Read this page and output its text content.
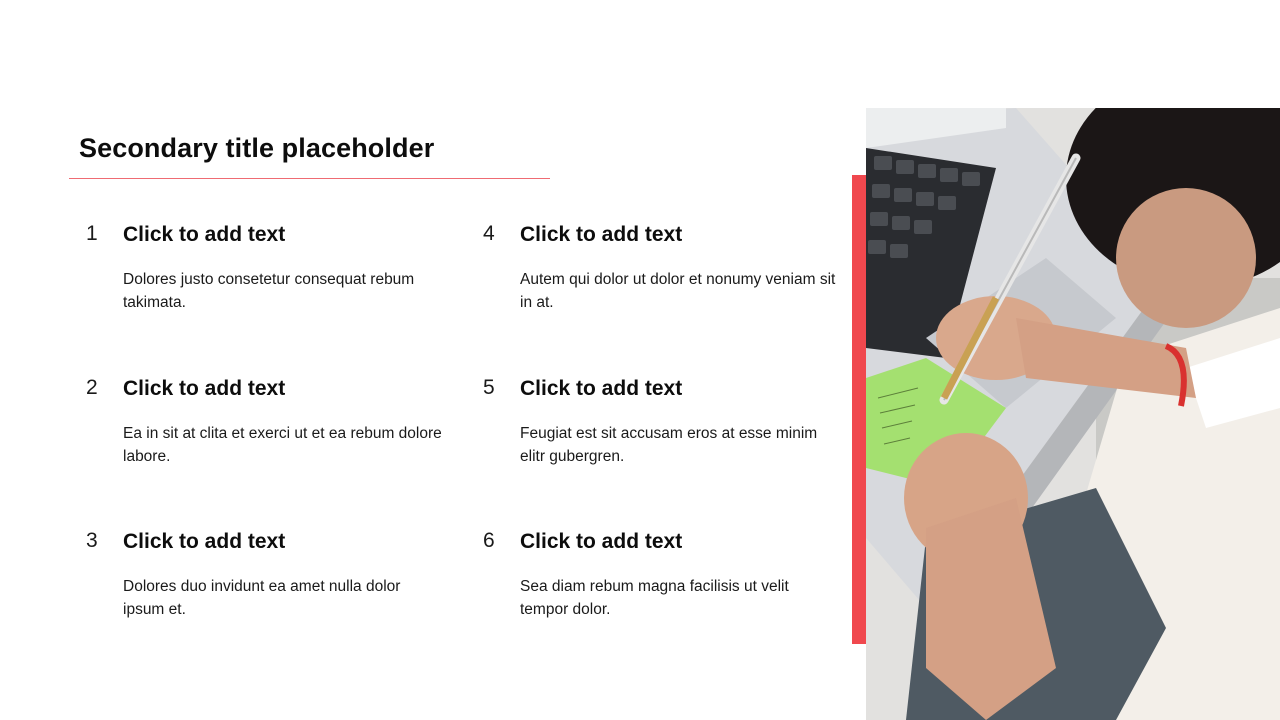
Secondary title placeholder
1 Click to add text
Dolores justo consetetur consequat rebum takimata.
2 Click to add text
Ea in sit at clita et exerci ut et ea rebum dolore labore.
3 Click to add text
Dolores duo invidunt ea amet nulla dolor ipsum et.
4 Click to add text
Autem qui dolor ut dolor et nonumy veniam sit in at.
5 Click to add text
Feugiat est sit accusam eros at esse minim elitr gubergren.
6 Click to add text
Sea diam rebum magna facilisis ut velit tempor dolor.
